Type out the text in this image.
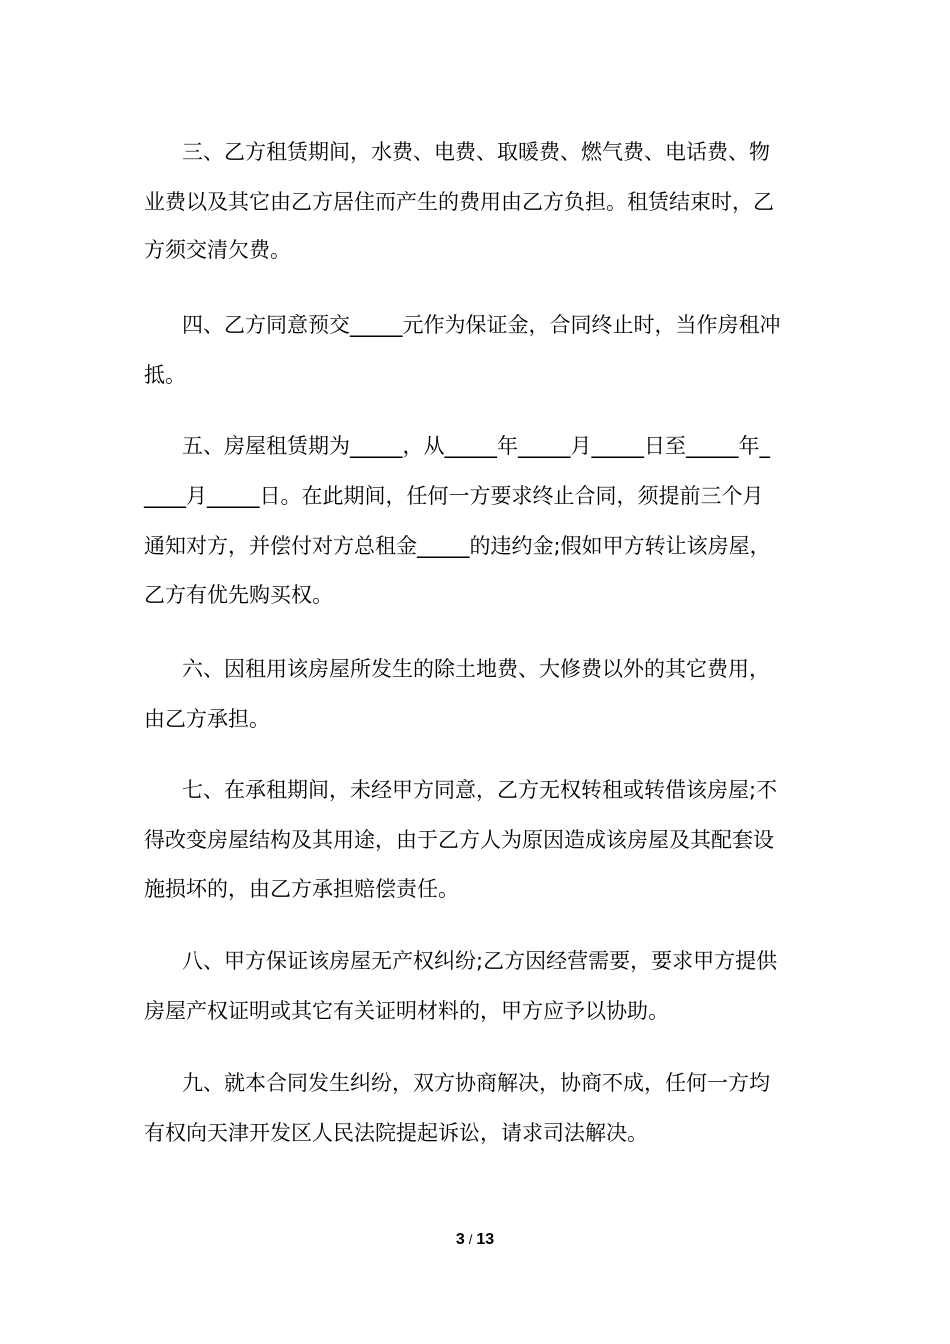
三、乙方租赁期间，水费、电费、取暖费、燃气费、电话费、物
业费以及其它由乙方居住而产生的费用由乙方负担。租赁结束时，乙
方须交清欠费。
四、乙方同意预交_____元作为保证金，合同终止时，当作房租冲
抵。
五、房屋租赁期为_____，从_____年_____月_____日至_____年_
____月_____日。在此期间，任何一方要求终止合同，须提前三个月
通知对方，并偿付对方总租金_____的违约金;假如甲方转让该房屋，
乙方有优先购买权。
六、因租用该房屋所发生的除土地费、大修费以外的其它费用，
由乙方承担。
七、在承租期间，未经甲方同意，乙方无权转租或转借该房屋;不
得改变房屋结构及其用途，由于乙方人为原因造成该房屋及其配套设
施损坏的，由乙方承担赔偿责任。
八、甲方保证该房屋无产权纠纷;乙方因经营需要，要求甲方提供
房屋产权证明或其它有关证明材料的，甲方应予以协助。
九、就本合同发生纠纷，双方协商解决，协商不成，任何一方均
有权向天津开发区人民法院提起诉讼，请求司法解决。
3 / 13
